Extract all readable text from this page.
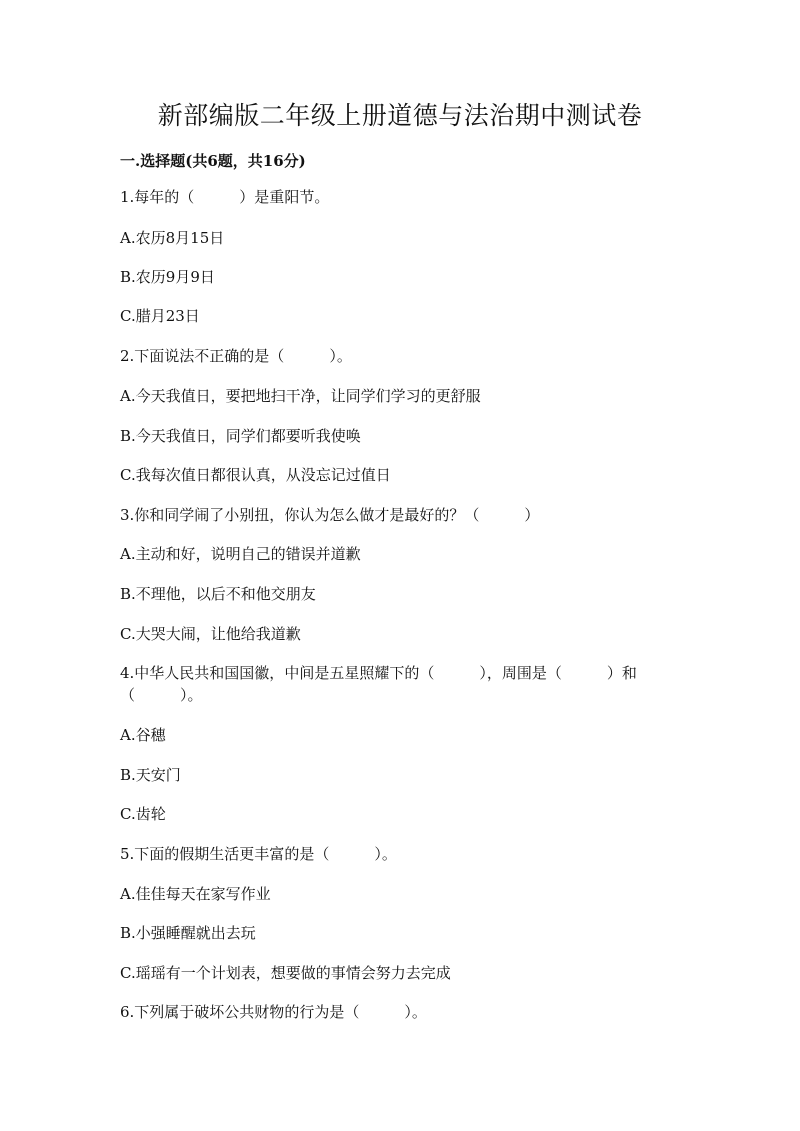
新部编版二年级上册道德与法治期中测试卷
一.选择题(共6题，共16分)
1.每年的（　　　）是重阳节。
A.农历8月15日
B.农历9月9日
C.腊月23日
2.下面说法不正确的是（　　　）。
A.今天我值日，要把地扫干净，让同学们学习的更舒服
B.今天我值日，同学们都要听我使唤
C.我每次值日都很认真，从没忘记过值日
3.你和同学闹了小别扭，你认为怎么做才是最好的？（　　　）
A.主动和好，说明自己的错误并道歉
B.不理他，以后不和他交朋友
C.大哭大闹，让他给我道歉
4.中华人民共和国国徽，中间是五星照耀下的（　　　），周围是（　　　）和
（　　　）。
A.谷穗
B.天安门
C.齿轮
5.下面的假期生活更丰富的是（　　　）。
A.佳佳每天在家写作业
B.小强睡醒就出去玩
C.瑶瑶有一个计划表，想要做的事情会努力去完成
6.下列属于破坏公共财物的行为是（　　　）。
